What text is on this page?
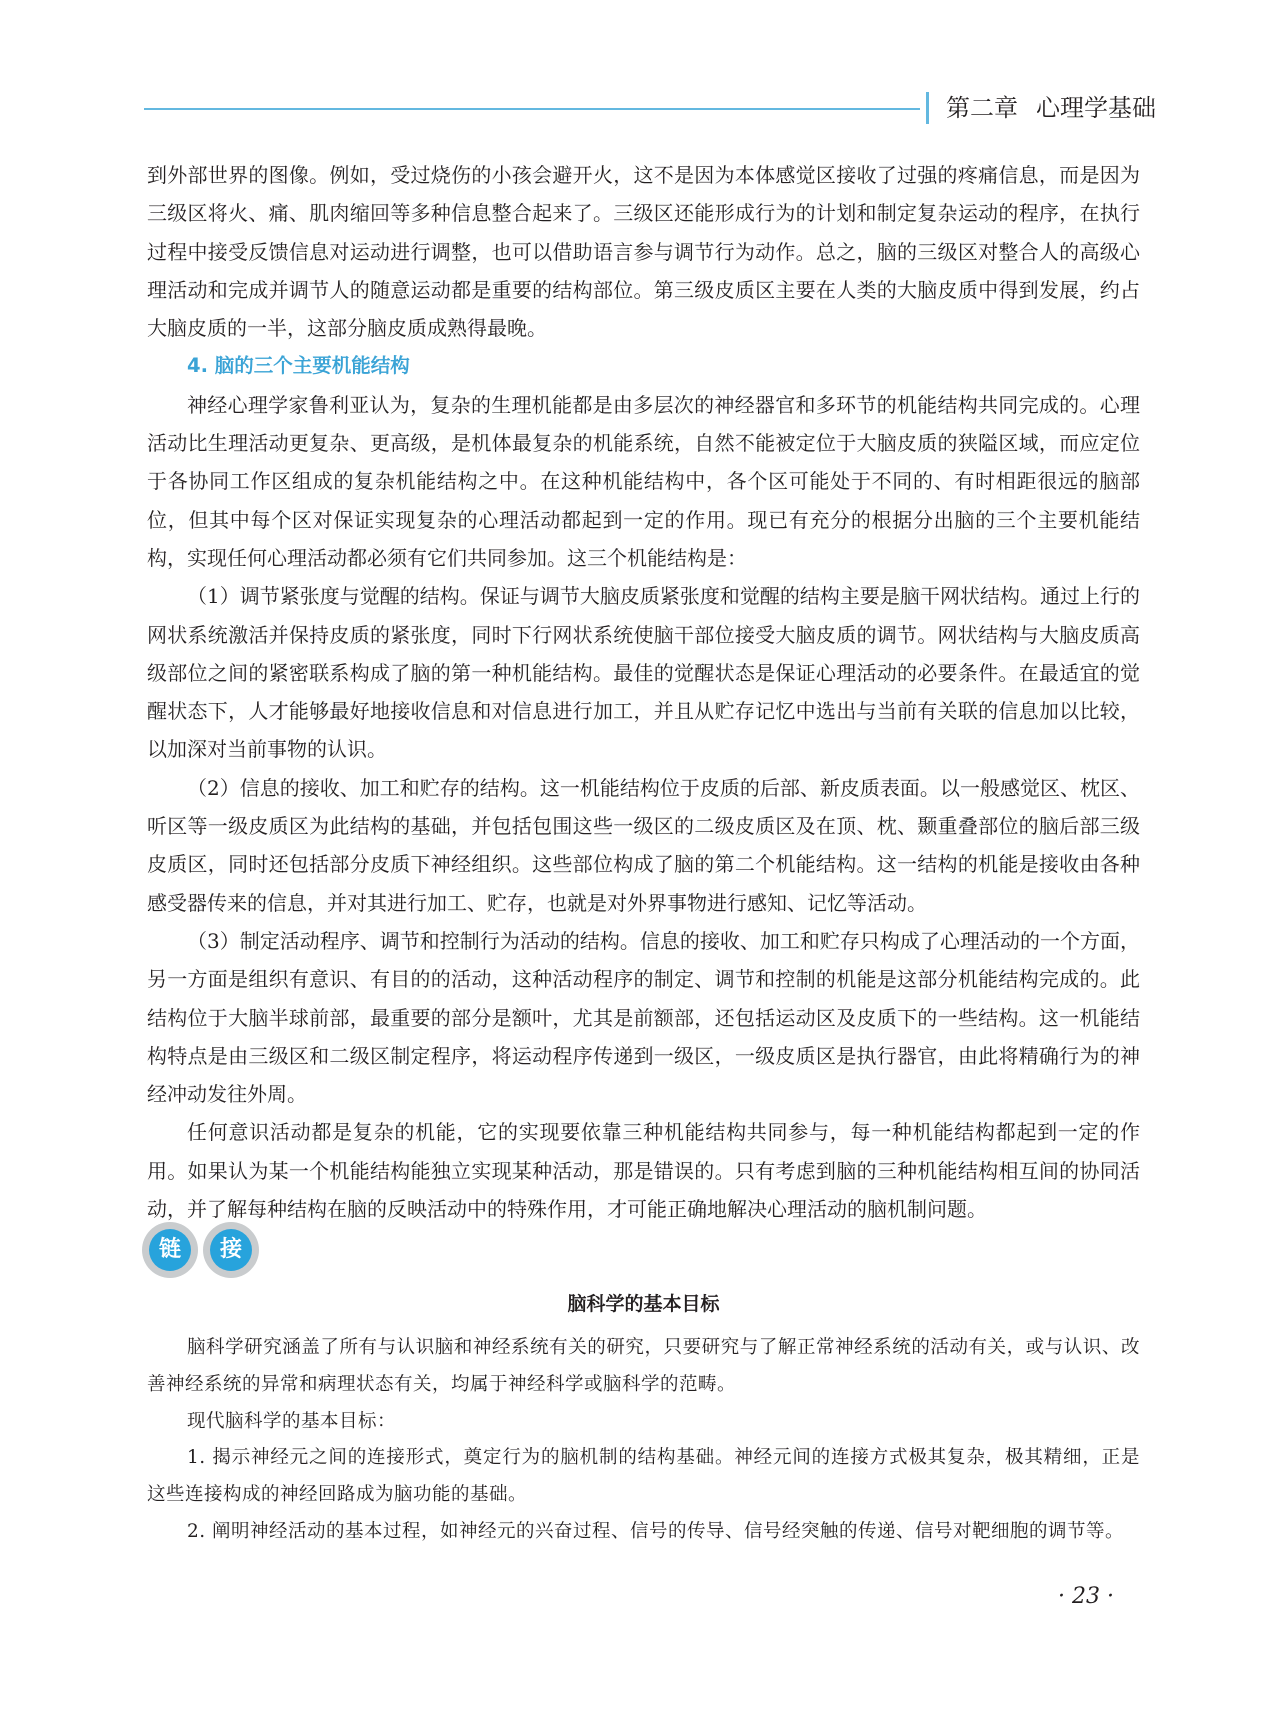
第二章 心理学基础

到外部世界的图像。例如，受过烧伤的小孩会避开火，这不是因为本体感觉区接收了过强的疼痛信息，而是因为三级区将火、痛、肌肉缩回等多种信息整合起来了。三级区还能形成行为的计划和制定复杂运动的程序，在执行过程中接受反馈信息对运动进行调整，也可以借助语言参与调节行为动作。总之，脑的三级区对整合人的高级心理活动和完成并调节人的随意运动都是重要的结构部位。第三级皮质区主要在人类的大脑皮质中得到发展，约占大脑皮质的一半，这部分脑皮质成熟得最晚。

4. 脑的三个主要机能结构

神经心理学家鲁利亚认为，复杂的生理机能都是由多层次的神经器官和多环节的机能结构共同完成的。心理活动比生理活动更复杂、更高级，是机体最复杂的机能系统，自然不能被定位于大脑皮质的狭隘区域，而应定位于各协同工作区组成的复杂机能结构之中。在这种机能结构中，各个区可能处于不同的、有时相距很远的脑部位，但其中每个区对保证实现复杂的心理活动都起到一定的作用。现已有充分的根据分出脑的三个主要机能结构，实现任何心理活动都必须有它们共同参加。这三个机能结构是：

（1）调节紧张度与觉醒的结构。保证与调节大脑皮质紧张度和觉醒的结构主要是脑干网状结构。通过上行的网状系统激活并保持皮质的紧张度，同时下行网状系统使脑干部位接受大脑皮质的调节。网状结构与大脑皮质高级部位之间的紧密联系构成了脑的第一种机能结构。最佳的觉醒状态是保证心理活动的必要条件。在最适宜的觉醒状态下，人才能够最好地接收信息和对信息进行加工，并且从贮存记忆中选出与当前有关联的信息加以比较，以加深对当前事物的认识。

（2）信息的接收、加工和贮存的结构。这一机能结构位于皮质的后部、新皮质表面。以一般感觉区、枕区、听区等一级皮质区为此结构的基础，并包括包围这些一级区的二级皮质区及在顶、枕、颞重叠部位的脑后部三级皮质区，同时还包括部分皮质下神经组织。这些部位构成了脑的第二个机能结构。这一结构的机能是接收由各种感受器传来的信息，并对其进行加工、贮存，也就是对外界事物进行感知、记忆等活动。

（3）制定活动程序、调节和控制行为活动的结构。信息的接收、加工和贮存只构成了心理活动的一个方面，另一方面是组织有意识、有目的的活动，这种活动程序的制定、调节和控制的机能是这部分机能结构完成的。此结构位于大脑半球前部，最重要的部分是额叶，尤其是前额部，还包括运动区及皮质下的一些结构。这一机能结构特点是由三级区和二级区制定程序，将运动程序传递到一级区，一级皮质区是执行器官，由此将精确行为的神经冲动发往外周。

任何意识活动都是复杂的机能，它的实现要依靠三种机能结构共同参与，每一种机能结构都起到一定的作用。如果认为某一个机能结构能独立实现某种活动，那是错误的。只有考虑到脑的三种机能结构相互间的协同活动，并了解每种结构在脑的反映活动中的特殊作用，才可能正确地解决心理活动的脑机制问题。

链	接
脑科学的基本目标

脑科学研究涵盖了所有与认识脑和神经系统有关的研究，只要研究与了解正常神经系统的活动有关，或与认识、改善神经系统的异常和病理状态有关，均属于神经科学或脑科学的范畴。

现代脑科学的基本目标：

1. 揭示神经元之间的连接形式，奠定行为的脑机制的结构基础。神经元间的连接方式极其复杂，极其精细，正是这些连接构成的神经回路成为脑功能的基础。

2. 阐明神经活动的基本过程，如神经元的兴奋过程、信号的传导、信号经突触的传递、信号对靶细胞的调节等。

· 23 ·
